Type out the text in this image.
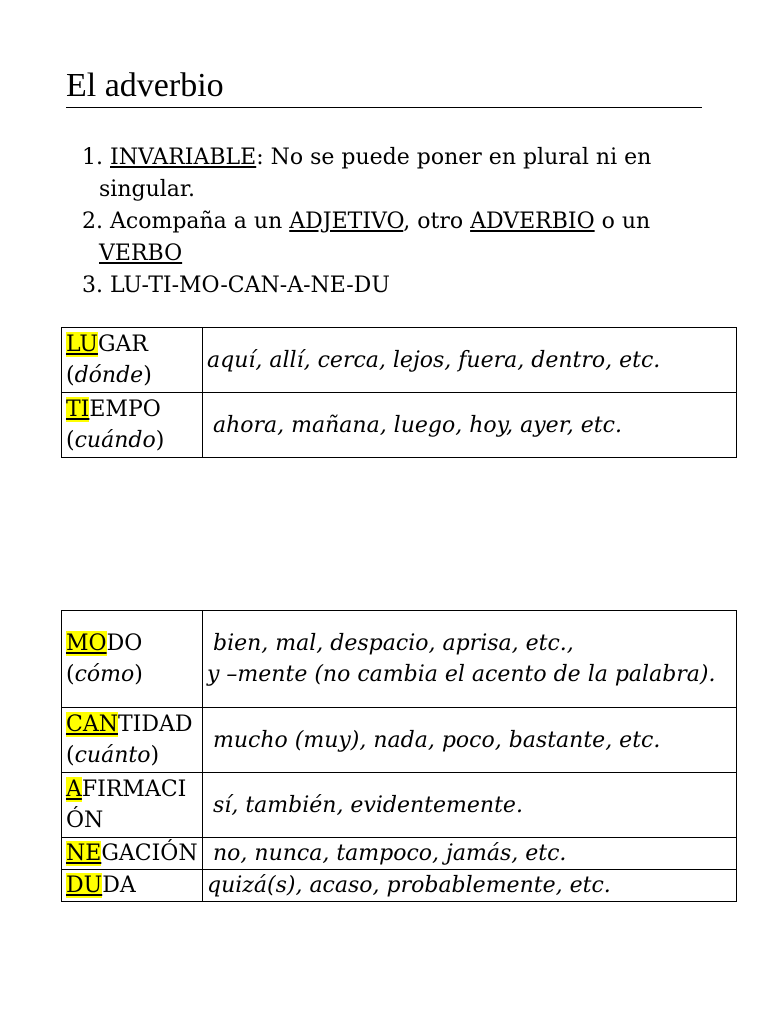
El adverbio
1. INVARIABLE: No se puede poner en plural ni en
singular.
2. Acompaña a un ADJETIVO, otro ADVERBIO o un
VERBO
3. LU-TI-MO-CAN-A-NE-DU
LUGAR
(dónde)	aquí, allí, cerca, lejos, fuera, dentro, etc.
TIEMPO
(cuándo)	ahora, mañana, luego, hoy, ayer, etc.
MODO
(cómo)	bien, mal, despacio, aprisa, etc.,
y –mente (no cambia el acento de la palabra).
CANTIDAD
(cuánto)	mucho (muy), nada, poco, bastante, etc.
AFIRMACI
ÓN	sí, también, evidentemente.
NEGACIÓN	no, nunca, tampoco, jamás, etc.
DUDA	quizá(s), acaso, probablemente, etc.
